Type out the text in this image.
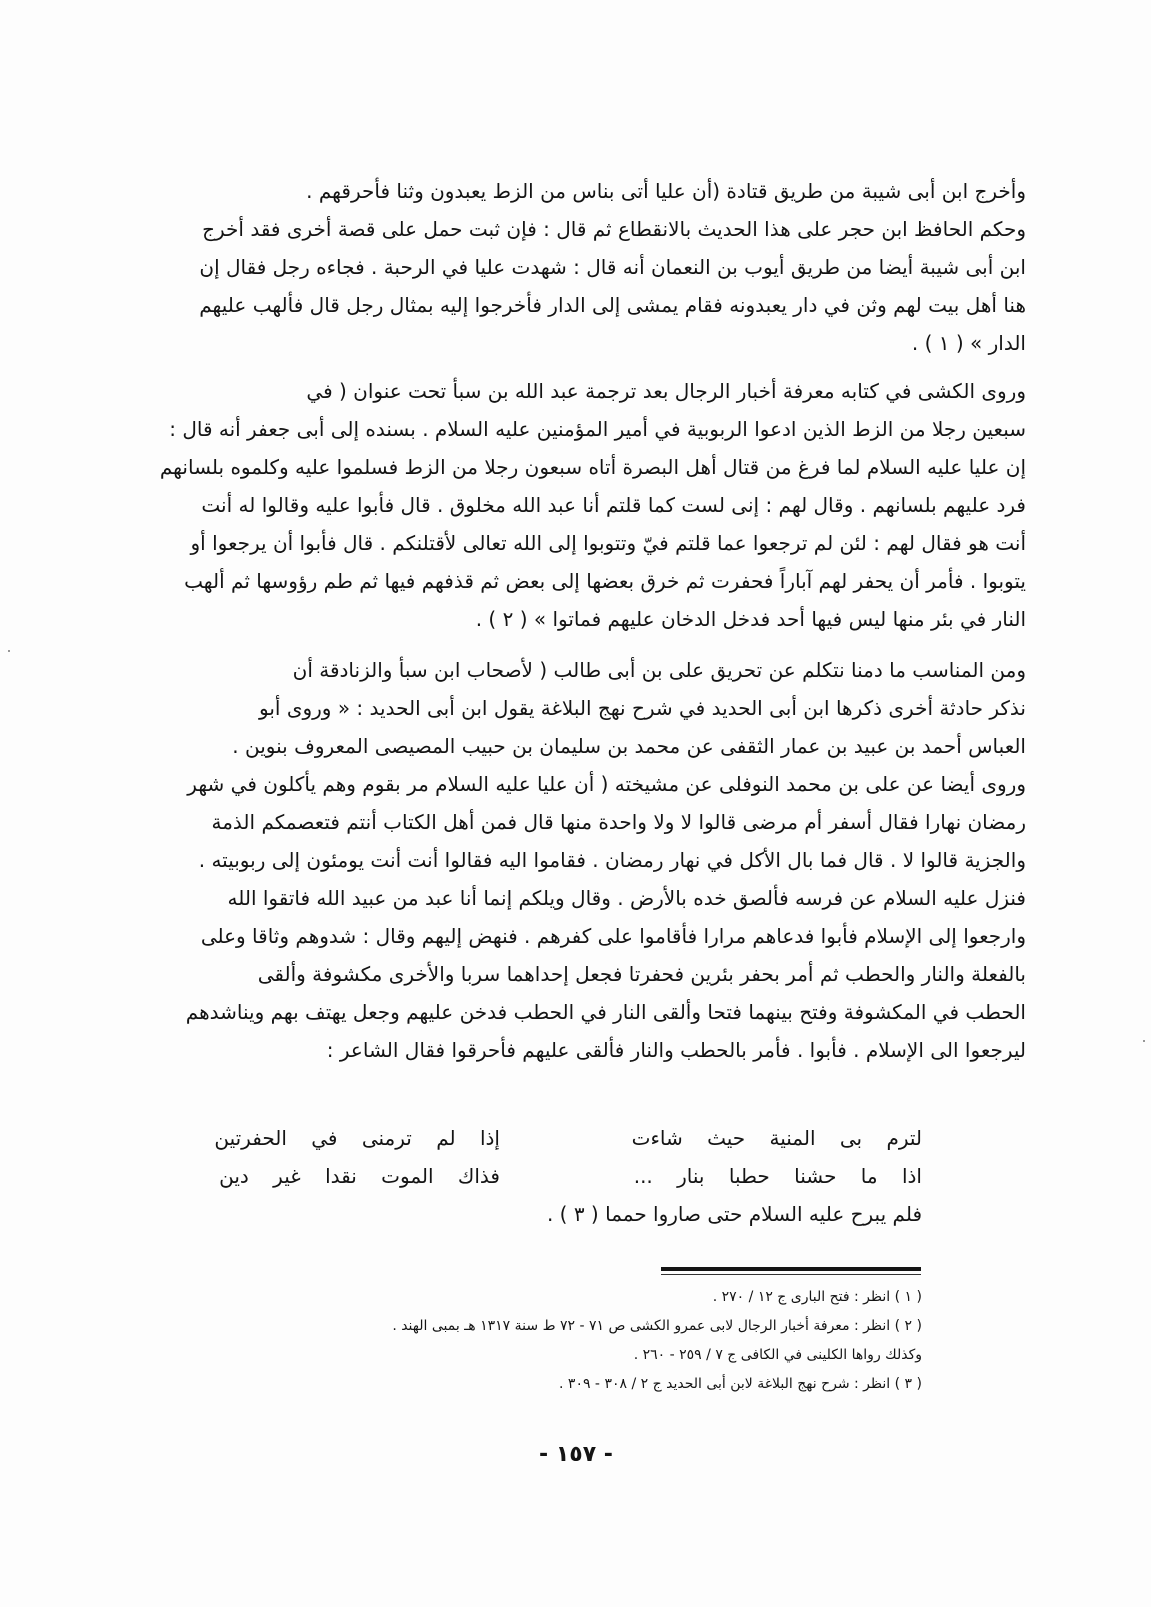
وأخرج ابن أبى شيبة من طريق قتادة (أن عليا أتى بناس من الزط يعبدون وثنا فأحرقهم .
وحكم الحافظ ابن حجر على هذا الحديث بالانقطاع ثم قال : فإن ثبت حمل على قصة أخرى فقد أخرج
ابن أبى شيبة أيضا من طريق أيوب بن النعمان أنه قال : شهدت عليا في الرحبة . فجاءه رجل فقال إن
هنا أهل بيت لهم وثن في دار يعبدونه فقام يمشى إلى الدار فأخرجوا إليه بمثال رجل قال فألهب عليهم
الدار » ( ١ ) .
وروى الكشى في كتابه معرفة أخبار الرجال بعد ترجمة عبد الله بن سبأ تحت عنوان ( في
سبعين رجلا من الزط الذين ادعوا الربوبية في أمير المؤمنين عليه السلام . بسنده إلى أبى جعفر أنه قال :
إن عليا عليه السلام لما فرغ من قتال أهل البصرة أتاه سبعون رجلا من الزط فسلموا عليه وكلموه بلسانهم
فرد عليهم بلسانهم . وقال لهم : إنى لست كما قلتم أنا عبد الله مخلوق . قال فأبوا عليه وقالوا له أنت
أنت هو فقال لهم : لئن لم ترجعوا عما قلتم فيّ وتتوبوا إلى الله تعالى لأقتلنكم . قال فأبوا أن يرجعوا أو
يتوبوا . فأمر أن يحفر لهم آباراً فحفرت ثم خرق بعضها إلى بعض ثم قذفهم فيها ثم طم رؤوسها ثم ألهب
النار في بئر منها ليس فيها أحد فدخل الدخان عليهم فماتوا » ( ٢ ) .
ومن المناسب ما دمنا نتكلم عن تحريق على بن أبى طالب ( لأصحاب ابن سبأ والزنادقة أن
نذكر حادثة أخرى ذكرها ابن أبى الحديد في شرح نهج البلاغة يقول ابن أبى الحديد : « وروى أبو
العباس أحمد بن عبيد بن عمار الثقفى عن محمد بن سليمان بن حبيب المصيصى المعروف بنوين .
وروى أيضا عن على بن محمد النوفلى عن مشيخته ( أن عليا عليه السلام مر بقوم وهم يأكلون في شهر
رمضان نهارا فقال أسفر أم مرضى قالوا لا ولا واحدة منها قال فمن أهل الكتاب أنتم فتعصمكم الذمة
والجزية قالوا لا . قال فما بال الأكل في نهار رمضان . فقاموا اليه فقالوا أنت أنت يومئون إلى ربوبيته .
فنزل عليه السلام عن فرسه فألصق خده بالأرض . وقال ويلكم إنما أنا عبد من عبيد الله فاتقوا الله
وارجعوا إلى الإسلام فأبوا فدعاهم مرارا فأقاموا على كفرهم . فنهض إليهم وقال : شدوهم وثاقا وعلى
بالفعلة والنار والحطب ثم أمر بحفر بئرين فحفرتا فجعل إحداهما سربا والأخرى مكشوفة وألقى
الحطب في المكشوفة وفتح بينهما فتحا وألقى النار في الحطب فدخن عليهم وجعل يهتف بهم ويناشدهم
ليرجعوا الى الإسلام . فأبوا . فأمر بالحطب والنار فألقى عليهم فأحرقوا فقال الشاعر :
لترم بى المنية حيث شاءت
إذا لم ترمنى في الحفرتين
اذا ما حشنا حطبا بنار ...
فذاك الموت نقدا غير دين
فلم يبرح عليه السلام حتى صاروا حمما ( ٣ ) .
( ١ ) انظر : فتح البارى ج ١٢ / ٢٧٠ .
( ٢ ) انظر : معرفة أخبار الرجال لابى عمرو الكشى ص ٧١ - ٧٢ ط سنة ١٣١٧ هـ بمبى الهند .
وكذلك رواها الكلينى في الكافى ج ٧ / ٢٥٩ - ٢٦٠ .
( ٣ ) انظر : شرح نهج البلاغة لابن أبى الحديد ج ٢ / ٣٠٨ - ٣٠٩ .
- ١٥٧ -
